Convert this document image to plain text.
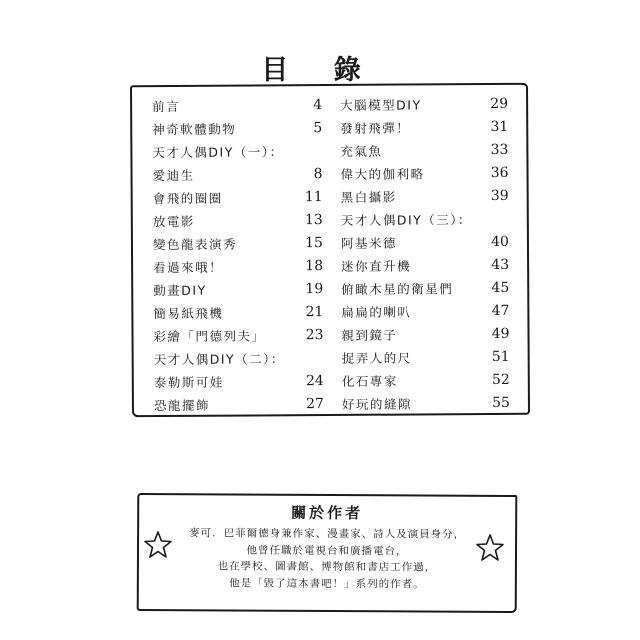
目 錄
前言	4
神奇軟體動物	5
天才人偶DIY（一）：
愛迪生	8
會飛的圈圈	11
放電影	13
變色龍表演秀	15
看過來哦！	18
動畫DIY	19
簡易紙飛機	21
彩繪「門德列夫」	23
天才人偶DIY（二）：
泰勒斯可娃	24
恐龍擺飾	27
大腦模型DIY	29
發射飛彈！	31
充氣魚	33
偉大的伽利略	36
黑白攝影	39
天才人偶DIY（三）：
阿基米德	40
迷你直升機	43
俯瞰木星的衛星們	45
扁扁的喇叭	47
親到鏡子	49
捉弄人的尺	51
化石專家	52
好玩的縫隙	55
關於作者
麥可．巴菲爾德身兼作家、漫畫家、詩人及演員身分，
他曾任職於電視台和廣播電台，
也在學校、圖書館、博物館和書店工作過，
他是「毀了這本書吧！」系列的作者。
